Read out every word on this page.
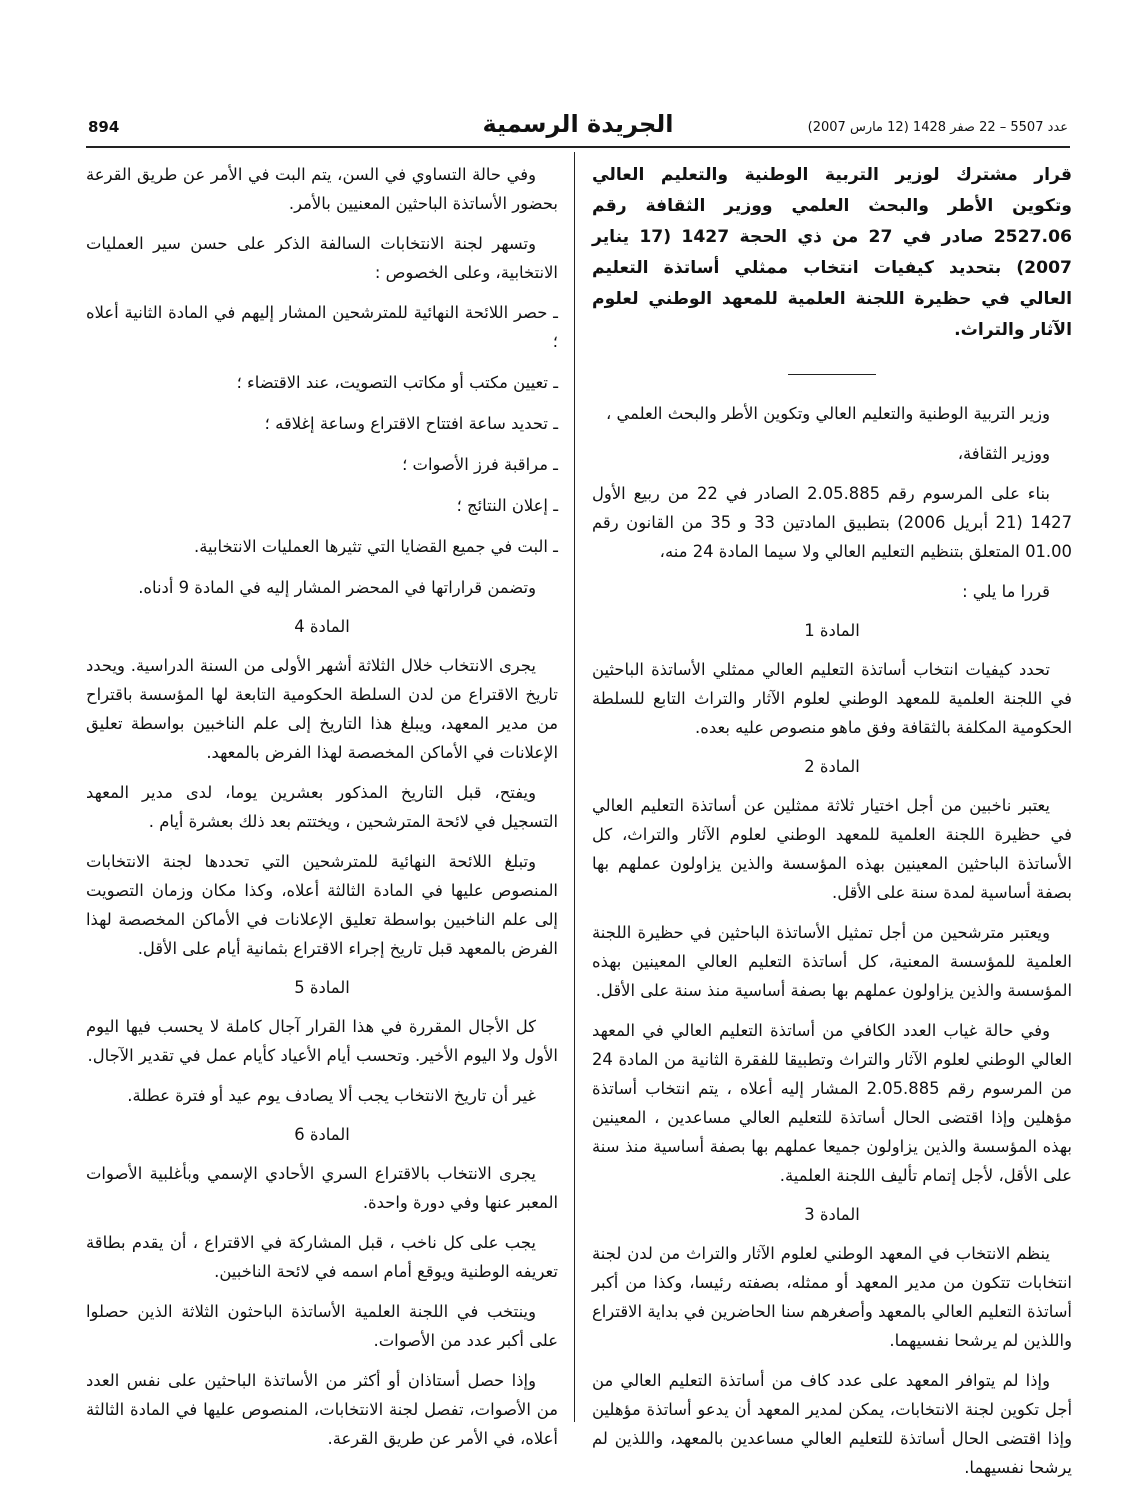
894	الجريدة الرسمية	عدد 5507 – 22 صفر 1428 (12 مارس 2007)

قرار مشترك لوزير التربية الوطنية والتعليم العالي وتكوين الأطر والبحث العلمي ووزير الثقافة رقم 2527.06 صادر في 27 من ذي الحجة 1427 (17 يناير 2007) بتحديد كيفيات انتخاب ممثلي أساتذة التعليم العالي في حظيرة اللجنة العلمية للمعهد الوطني لعلوم الآثار والتراث.

وزير التربية الوطنية والتعليم العالي وتكوين الأطر والبحث العلمي ،

ووزير الثقافة،

بناء على المرسوم رقم 2.05.885 الصادر في 22 من ربيع الأول 1427 (21 أبريل 2006) بتطبيق المادتين 33 و 35 من القانون رقم 01.00 المتعلق بتنظيم التعليم العالي ولا سيما المادة 24 منه،

قررا ما يلي :

المادة 1

تحدد كيفيات انتخاب أساتذة التعليم العالي ممثلي الأساتذة الباحثين في اللجنة العلمية للمعهد الوطني لعلوم الآثار والتراث التابع للسلطة الحكومية المكلفة بالثقافة وفق ماهو منصوص عليه بعده.

المادة 2

يعتبر ناخبين من أجل اختيار ثلاثة ممثلين عن أساتذة التعليم العالي في حظيرة اللجنة العلمية للمعهد الوطني لعلوم الآثار والتراث، كل الأساتذة الباحثين المعينين بهذه المؤسسة والذين يزاولون عملهم بها بصفة أساسية لمدة سنة على الأقل.

ويعتبر مترشحين من أجل تمثيل الأساتذة الباحثين في حظيرة اللجنة العلمية للمؤسسة المعنية، كل أساتذة التعليم العالي المعينين بهذه المؤسسة والذين يزاولون عملهم بها بصفة أساسية منذ سنة على الأقل.

وفي حالة غياب العدد الكافي من أساتذة التعليم العالي في المعهد العالي الوطني لعلوم الآثار والتراث وتطبيقا للفقرة الثانية من المادة 24 من المرسوم رقم 2.05.885 المشار إليه أعلاه ، يتم انتخاب أساتذة مؤهلين وإذا اقتضى الحال أساتذة للتعليم العالي مساعدين ، المعينين بهذه المؤسسة والذين يزاولون جميعا عملهم بها بصفة أساسية منذ سنة على الأقل، لأجل إتمام تأليف اللجنة العلمية.

المادة 3

ينظم الانتخاب في المعهد الوطني لعلوم الآثار والتراث من لدن لجنة انتخابات تتكون من مدير المعهد أو ممثله، بصفته رئيسا، وكذا من أكبر أساتذة التعليم العالي بالمعهد وأصغرهم سنا الحاضرين في بداية الاقتراع واللذين لم يرشحا نفسيهما.

وإذا لم يتوافر المعهد على عدد كاف من أساتذة التعليم العالي من أجل تكوين لجنة الانتخابات، يمكن لمدير المعهد أن يدعو أساتذة مؤهلين وإذا اقتضى الحال أساتذة للتعليم العالي مساعدين بالمعهد، واللذين لم يرشحا نفسيهما.

وفي حالة التساوي في السن، يتم البت في الأمر عن طريق القرعة بحضور الأساتذة الباحثين المعنيين بالأمر.

وتسهر لجنة الانتخابات السالفة الذكر على حسن سير العمليات الانتخابية، وعلى الخصوص :

ـ حصر اللائحة النهائية للمترشحين المشار إليهم في المادة الثانية أعلاه ؛
ـ تعيين مكتب أو مكاتب التصويت، عند الاقتضاء ؛
ـ تحديد ساعة افتتاح الاقتراع وساعة إغلاقه ؛
ـ مراقبة فرز الأصوات ؛
ـ إعلان النتائج ؛
ـ البت في جميع القضايا التي تثيرها العمليات الانتخابية.

وتضمن قراراتها في المحضر المشار إليه في المادة 9 أدناه.

المادة 4

يجرى الانتخاب خلال الثلاثة أشهر الأولى من السنة الدراسية. ويحدد تاريخ الاقتراع من لدن السلطة الحكومية التابعة لها المؤسسة باقتراح من مدير المعهد، ويبلغ هذا التاريخ إلى علم الناخبين بواسطة تعليق الإعلانات في الأماكن المخصصة لهذا الفرض بالمعهد.

ويفتح، قبل التاريخ المذكور بعشرين يوما، لدى مدير المعهد التسجيل في لائحة المترشحين ، ويختتم بعد ذلك بعشرة أيام .

وتبلغ اللائحة النهائية للمترشحين التي تحددها لجنة الانتخابات المنصوص عليها في المادة الثالثة أعلاه، وكذا مكان وزمان التصويت إلى علم الناخبين بواسطة تعليق الإعلانات في الأماكن المخصصة لهذا الفرض بالمعهد قبل تاريخ إجراء الاقتراع بثمانية أيام على الأقل.

المادة 5

كل الأجال المقررة في هذا القرار آجال كاملة لا يحسب فيها اليوم الأول ولا اليوم الأخير. وتحسب أيام الأعياد كأيام عمل في تقدير الآجال.

غير أن تاريخ الانتخاب يجب ألا يصادف يوم عيد أو فترة عطلة.

المادة 6

يجرى الانتخاب بالاقتراع السري الأحادي الإسمي وبأغلبية الأصوات المعبر عنها وفي دورة واحدة.

يجب على كل ناخب ، قبل المشاركة في الاقتراع ، أن يقدم بطاقة تعريفه الوطنية ويوقع أمام اسمه في لائحة الناخبين.

وينتخب في اللجنة العلمية الأساتذة الباحثون الثلاثة الذين حصلوا على أكبر عدد من الأصوات.

وإذا حصل أستاذان أو أكثر من الأساتذة الباحثين على نفس العدد من الأصوات، تفصل لجنة الانتخابات، المنصوص عليها في المادة الثالثة أعلاه، في الأمر عن طريق القرعة.
